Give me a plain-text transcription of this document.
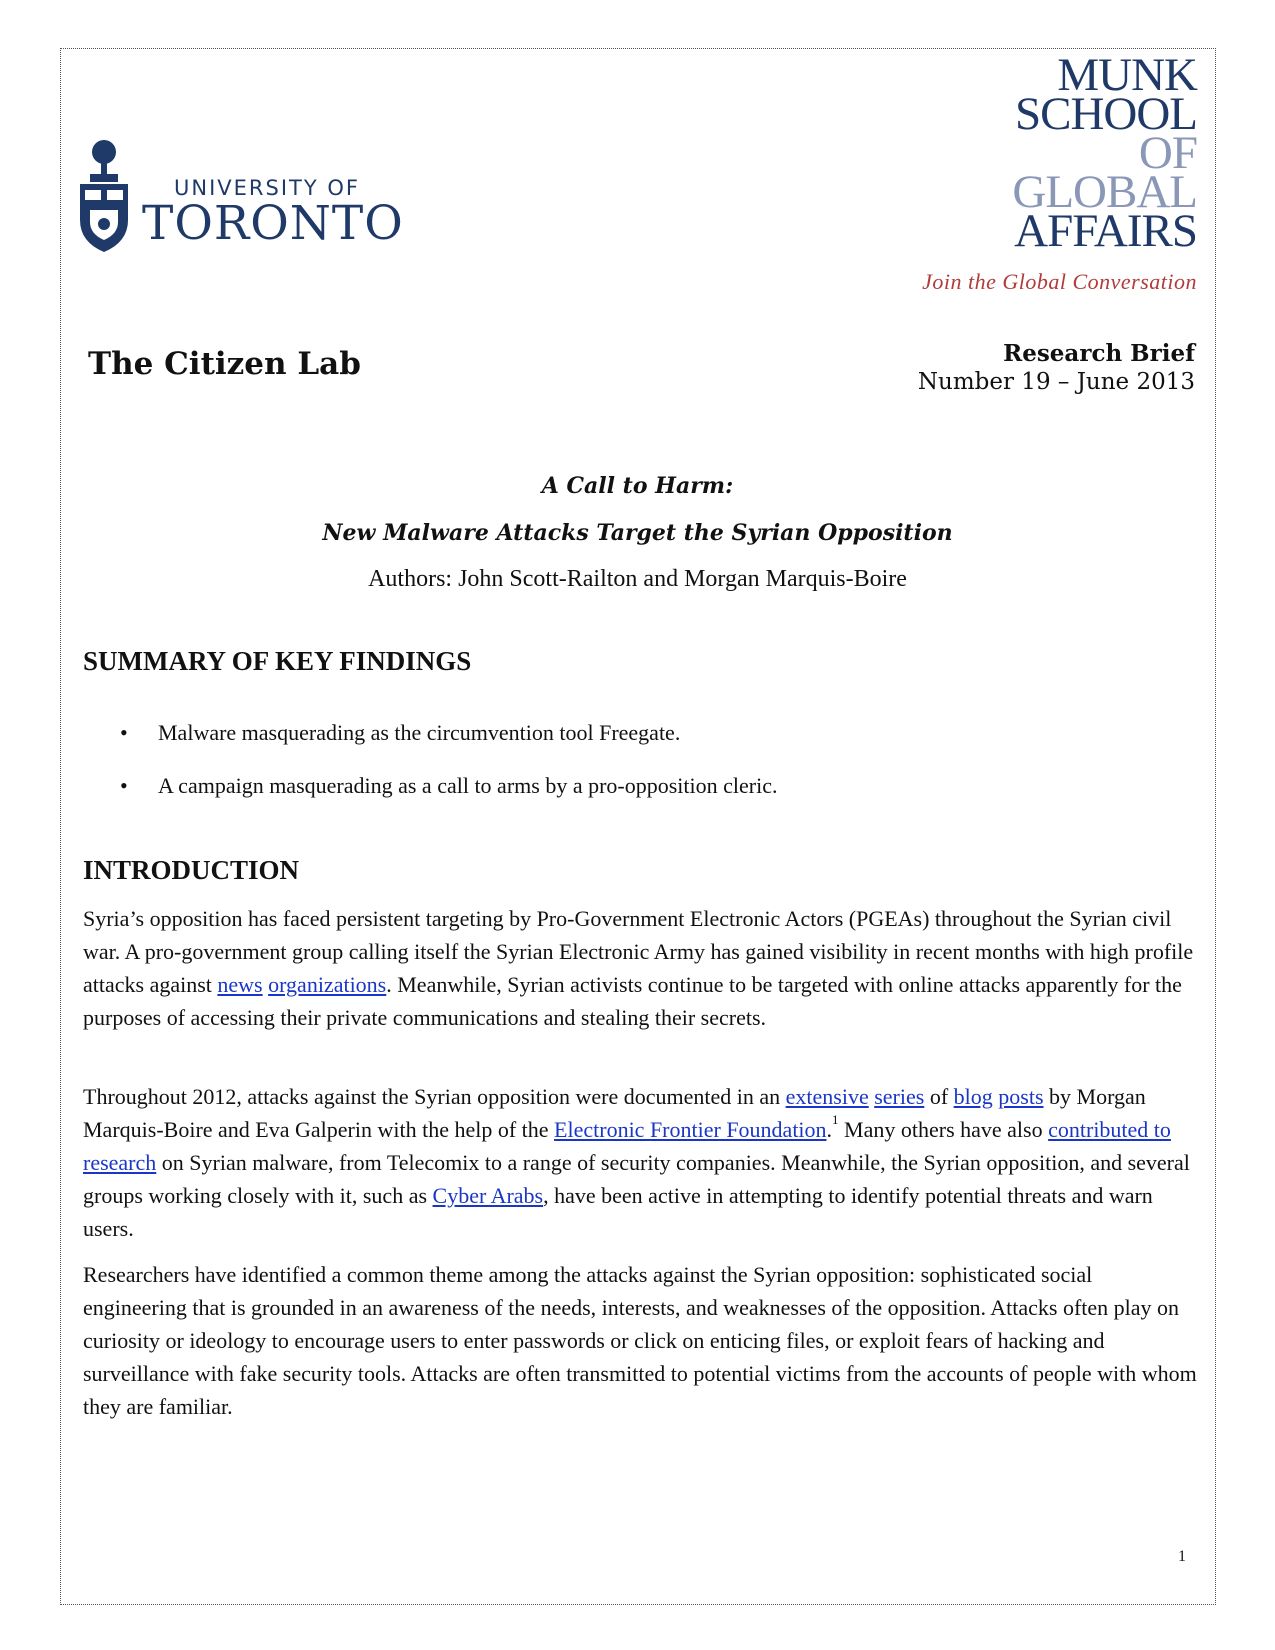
UNIVERSITY OF
TORONTO
MUNK
SCHOOL
OF
GLOBAL
AFFAIRS
Join the Global Conversation
The Citizen Lab	Research Brief
Number 19 – June 2013
A Call to Harm:
New Malware Attacks Target the Syrian Opposition
Authors: John Scott-Railton and Morgan Marquis-Boire
SUMMARY OF KEY FINDINGS
• Malware masquerading as the circumvention tool Freegate.
• A campaign masquerading as a call to arms by a pro-opposition cleric.
INTRODUCTION
Syria’s opposition has faced persistent targeting by Pro-Government Electronic Actors (PGEAs) throughout the Syrian civil war. A pro-government group calling itself the Syrian Electronic Army has gained visibility in recent months with high profile attacks against news organizations. Meanwhile, Syrian activists continue to be targeted with online attacks apparently for the purposes of accessing their private communications and stealing their secrets.
Throughout 2012, attacks against the Syrian opposition were documented in an extensive series of blog posts by Morgan Marquis-Boire and Eva Galperin with the help of the Electronic Frontier Foundation.$^1$ Many others have also contributed to research on Syrian malware, from Telecomix to a range of security companies. Meanwhile, the Syrian opposition, and several groups working closely with it, such as Cyber Arabs, have been active in attempting to identify potential threats and warn users.
Researchers have identified a common theme among the attacks against the Syrian opposition: sophisticated social engineering that is grounded in an awareness of the needs, interests, and weaknesses of the opposition. Attacks often play on curiosity or ideology to encourage users to enter passwords or click on enticing files, or exploit fears of hacking and surveillance with fake security tools. Attacks are often transmitted to potential victims from the accounts of people with whom they are familiar.
1
